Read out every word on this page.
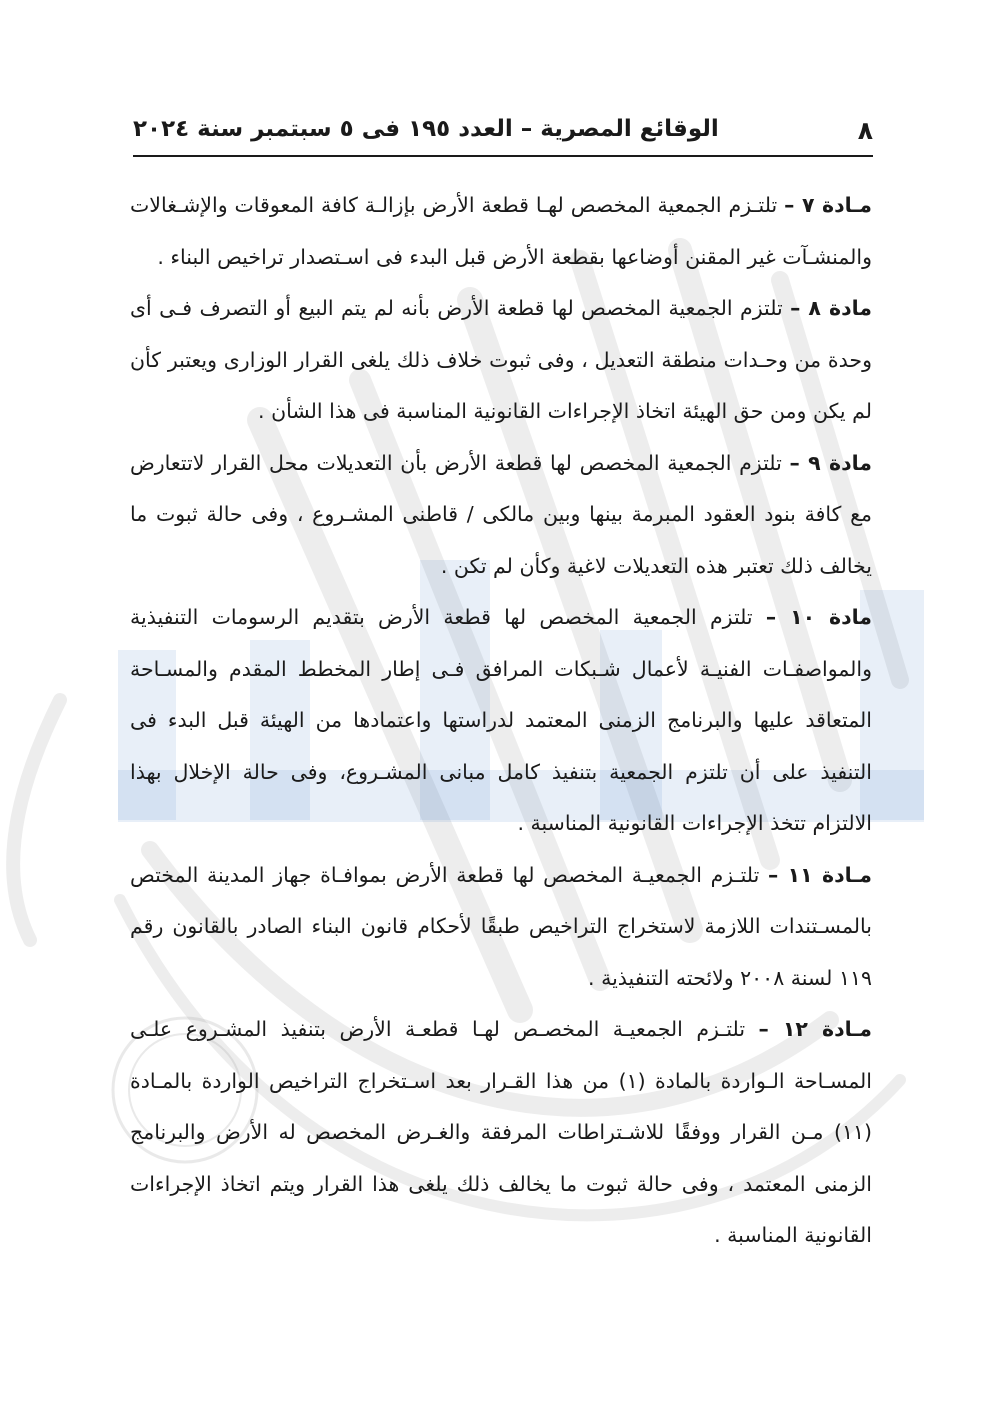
٨
الوقائع المصرية – العدد ١٩٥ فى ٥ سبتمبر سنة ٢٠٢٤

مـادة ٧ – تلتـزم الجمعية المخصص لهـا قطعة الأرض بإزالـة كافة المعوقات والإشـغالات والمنشـآت غير المقنن أوضاعها بقطعة الأرض قبل البدء فى اسـتصدار تراخيص البناء .

مادة ٨ – تلتزم الجمعية المخصص لها قطعة الأرض بأنه لم يتم البيع أو التصرف فـى أى وحدة من وحـدات منطقة التعديل ، وفى ثبوت خلاف ذلك يلغى القرار الوزارى ويعتبر كأن لم يكن ومن حق الهيئة اتخاذ الإجراءات القانونية المناسبة فى هذا الشأن .

مادة ٩ – تلتزم الجمعية المخصص لها قطعة الأرض بأن التعديلات محل القرار لاتتعارض مع كافة بنود العقود المبرمة بينها وبين مالكى / قاطنى المشـروع ، وفى حالة ثبوت ما يخالف ذلك تعتبر هذه التعديلات لاغية وكأن لم تكن .

مادة ١٠ – تلتزم الجمعية المخصص لها قطعة الأرض بتقديم الرسومات التنفيذية والمواصفـات الفنيـة لأعمال شـبكات المرافق فـى إطار المخطط المقدم والمسـاحة المتعاقد عليها والبرنامج الزمنى المعتمد لدراستها واعتمادها من الهيئة قبل البدء فى التنفيذ على أن تلتزم الجمعية بتنفيذ كامل مبانى المشـروع، وفى حالة الإخلال بهذا الالتزام تتخذ الإجراءات القانونية المناسبة .

مـادة ١١ – تلتـزم الجمعيـة المخصص لها قطعة الأرض بموافـاة جهاز المدينة المختص بالمسـتندات اللازمة لاستخراج التراخيص طبقًا لأحكام قانون البناء الصادر بالقانون رقم ١١٩ لسنة ٢٠٠٨ ولائحته التنفيذية .

مـادة ١٢ – تلتـزم الجمعيـة المخصـص لهـا قطعـة الأرض بتنفيذ المشـروع علـى المسـاحة الـواردة بالمادة (١) من هذا القـرار بعد اسـتخراج التراخيص الواردة بالمـادة (١١) مـن القرار ووفقًا للاشـتراطات المرفقة والغـرض المخصص له الأرض والبرنامج الزمنى المعتمد ، وفى حالة ثبوت ما يخالف ذلك يلغى هذا القرار ويتم اتخاذ الإجراءات القانونية المناسبة .
